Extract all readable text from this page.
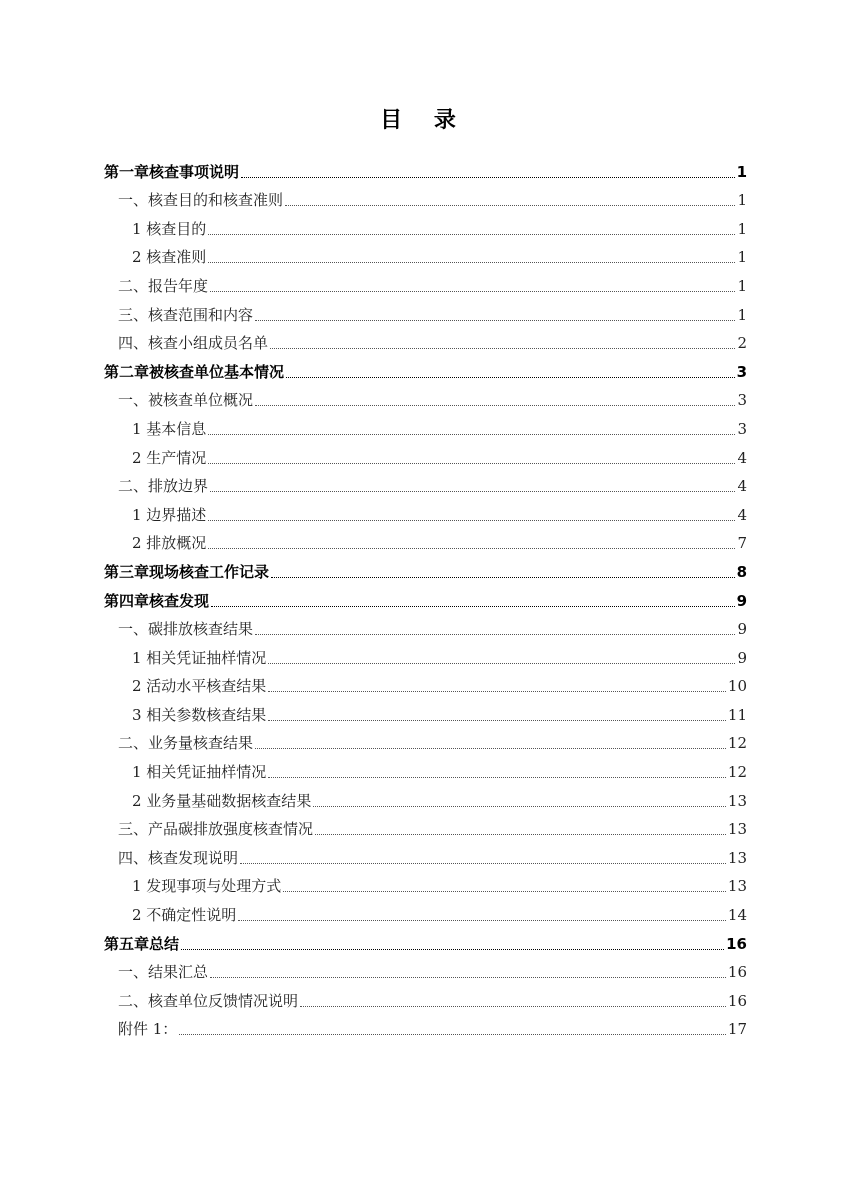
目 录
第一章核查事项说明	1
一、核查目的和核查准则	1
1 核查目的	1
2 核查准则	1
二、报告年度	1
三、核查范围和内容	1
四、核查小组成员名单	2
第二章被核查单位基本情况	3
一、被核查单位概况	3
1 基本信息	3
2 生产情况	4
二、排放边界	4
1 边界描述	4
2 排放概况	7
第三章现场核查工作记录	8
第四章核查发现	9
一、碳排放核查结果	9
1 相关凭证抽样情况	9
2 活动水平核查结果	10
3 相关参数核查结果	11
二、业务量核查结果	12
1 相关凭证抽样情况	12
2 业务量基础数据核查结果	13
三、产品碳排放强度核查情况	13
四、核查发现说明	13
1 发现事项与处理方式	13
2 不确定性说明	14
第五章总结	16
一、结果汇总	16
二、核查单位反馈情况说明	16
附件 1：	17
